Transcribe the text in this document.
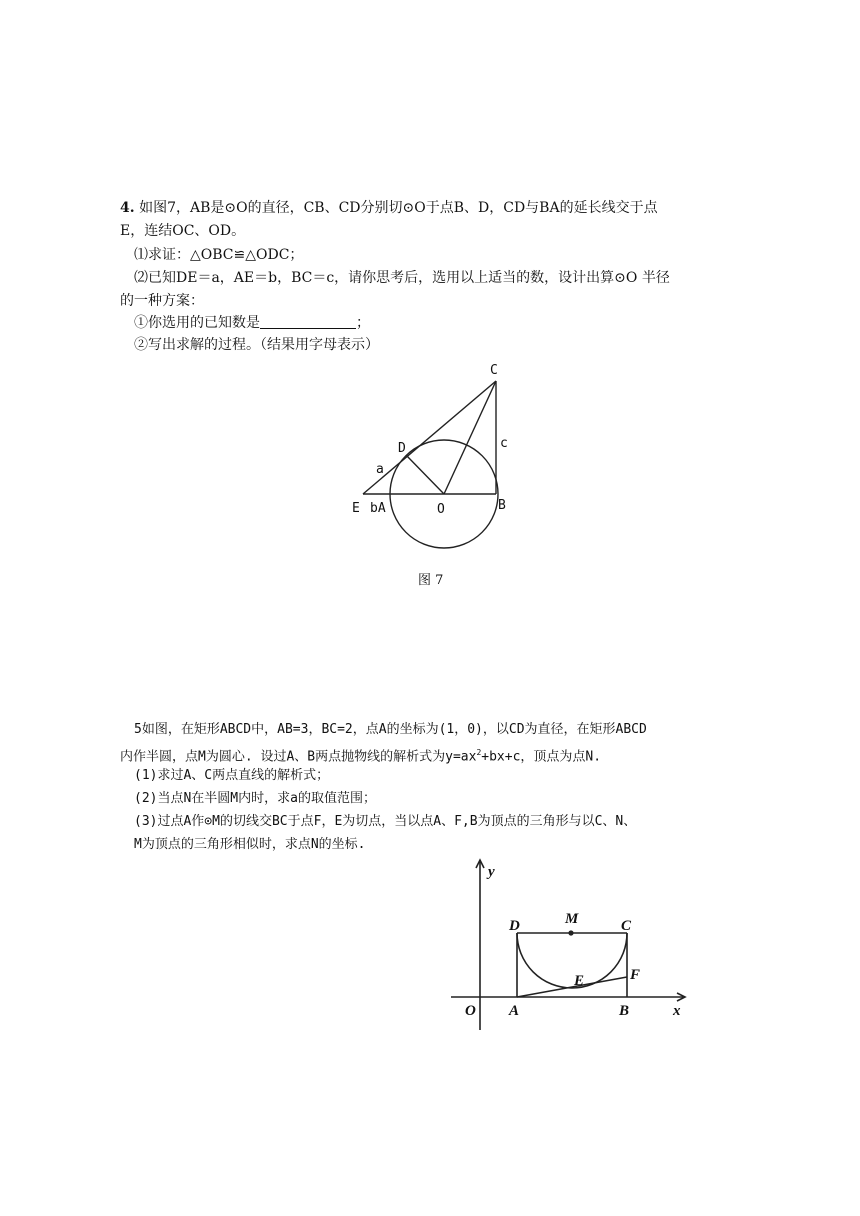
4. 如图7，AB是⊙O的直径，CB、CD分别切⊙O于点B、D，CD与BA的延长线交于点
E，连结OC、OD。
⑴求证：△OBC≌△ODC；
⑵已知DE＝a，AE＝b，BC＝c，请你思考后，选用以上适当的数，设计出算⊙O 半径
的一种方案：
①你选用的已知数是	；
②写出求解的过程。（结果用字母表示）
C
D
a
c
E bA	O	B
图 7
5如图，在矩形ABCD中，AB=3，BC=2，点A的坐标为(1，0)，以CD为直径，在矩形ABCD
内作半圆，点M为圆心. 设过A、B两点抛物线的解析式为$y=ax^2+bx+c$，顶点为点N.
(1)求过A、C两点直线的解析式；
(2)当点N在半圆M内时，求a的取值范围；
(3)过点A作⊙M的切线交BC于点F，E为切点，当以点A、F,B为顶点的三角形与以C、N、
M为顶点的三角形相似时，求点N的坐标.
y
D	M	C
E	F
O A	B	x
